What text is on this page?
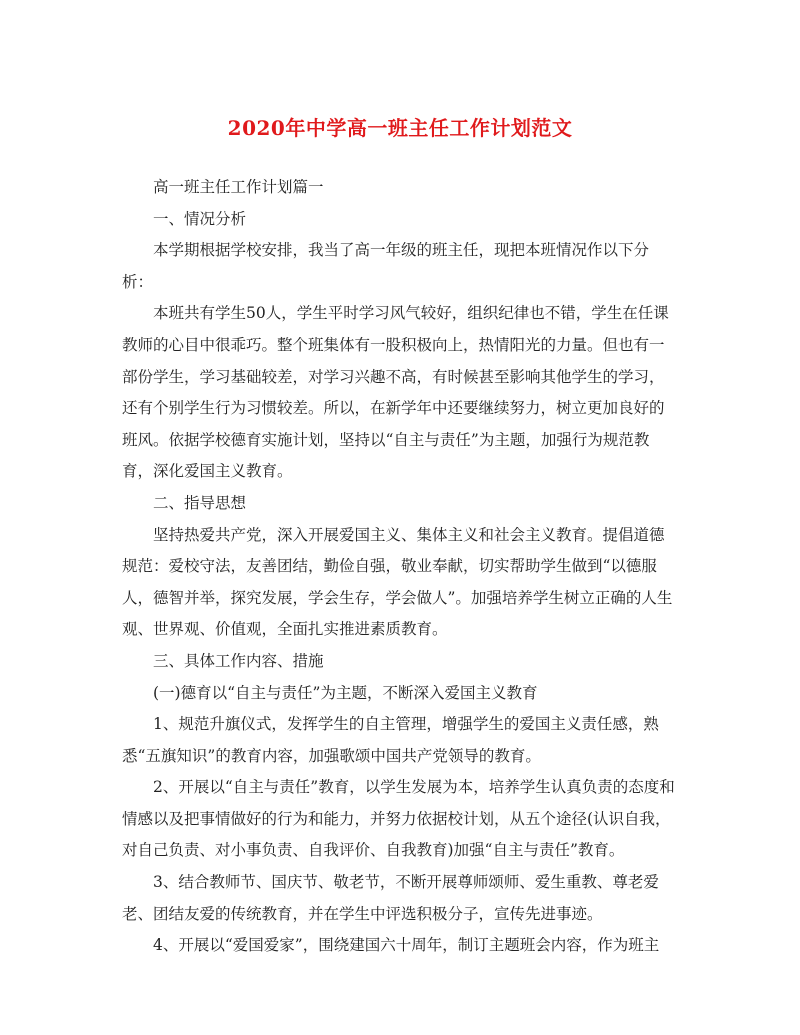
2020年中学高一班主任工作计划范文

高一班主任工作计划篇一

一、情况分析

本学期根据学校安排，我当了高一年级的班主任，现把本班情况作以下分析：

本班共有学生50人，学生平时学习风气较好，组织纪律也不错，学生在任课教师的心目中很乖巧。整个班集体有一股积极向上，热情阳光的力量。但也有一部份学生，学习基础较差，对学习兴趣不高，有时候甚至影响其他学生的学习，还有个别学生行为习惯较差。所以，在新学年中还要继续努力，树立更加良好的班风。依据学校德育实施计划，坚持以“自主与责任”为主题，加强行为规范教育，深化爱国主义教育。

二、指导思想

坚持热爱共产党，深入开展爱国主义、集体主义和社会主义教育。提倡道德规范：爱校守法，友善团结，勤俭自强，敬业奉献，切实帮助学生做到“以德服人，德智并举，探究发展，学会生存，学会做人”。加强培养学生树立正确的人生观、世界观、价值观，全面扎实推进素质教育。

三、具体工作内容、措施

(一)德育以“自主与责任”为主题，不断深入爱国主义教育

1、规范升旗仪式，发挥学生的自主管理，增强学生的爱国主义责任感，熟悉“五旗知识”的教育内容，加强歌颂中国共产党领导的教育。

2、开展以“自主与责任”教育，以学生发展为本，培养学生认真负责的态度和情感以及把事情做好的行为和能力，并努力依据校计划，从五个途径(认识自我，对自己负责、对小事负责、自我评价、自我教育)加强“自主与责任”教育。

3、结合教师节、国庆节、敬老节，不断开展尊师颂师、爱生重教、尊老爱老、团结友爱的传统教育，并在学生中评选积极分子，宣传先进事迹。

4、开展以“爱国爱家”，围绕建国六十周年，制订主题班会内容，作为班主
